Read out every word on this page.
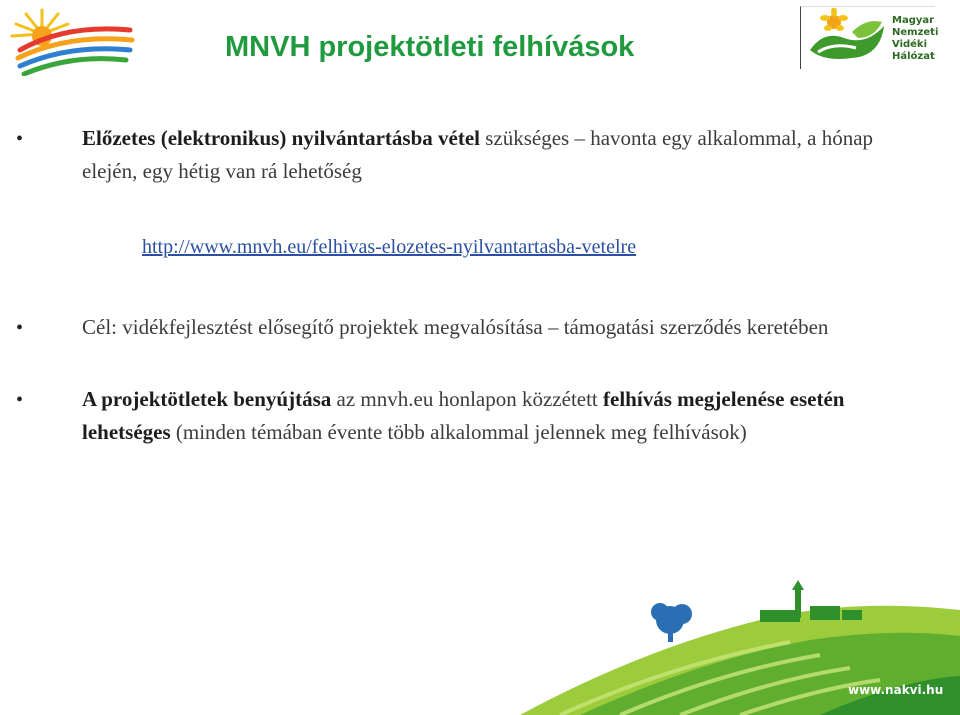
MNVH projektötleti felhívások
Magyar
Nemzeti
Vidéki
Hálózat
•	Előzetes (elektronikus) nyilvántartásba vétel szükséges – havonta egy alkalommal, a hónap elején, egy hétig van rá lehetőség

http://www.mnvh.eu/felhivas-elozetes-nyilvantartasba-vetelre
•	Cél: vidékfejlesztést elősegítő projektek megvalósítása – támogatási szerződés keretében

•	A projektötletek benyújtása az mnvh.eu honlapon közzétett felhívás megjelenése esetén lehetséges (minden témában évente több alkalommal jelennek meg felhívások)

www.nakvi.hu
